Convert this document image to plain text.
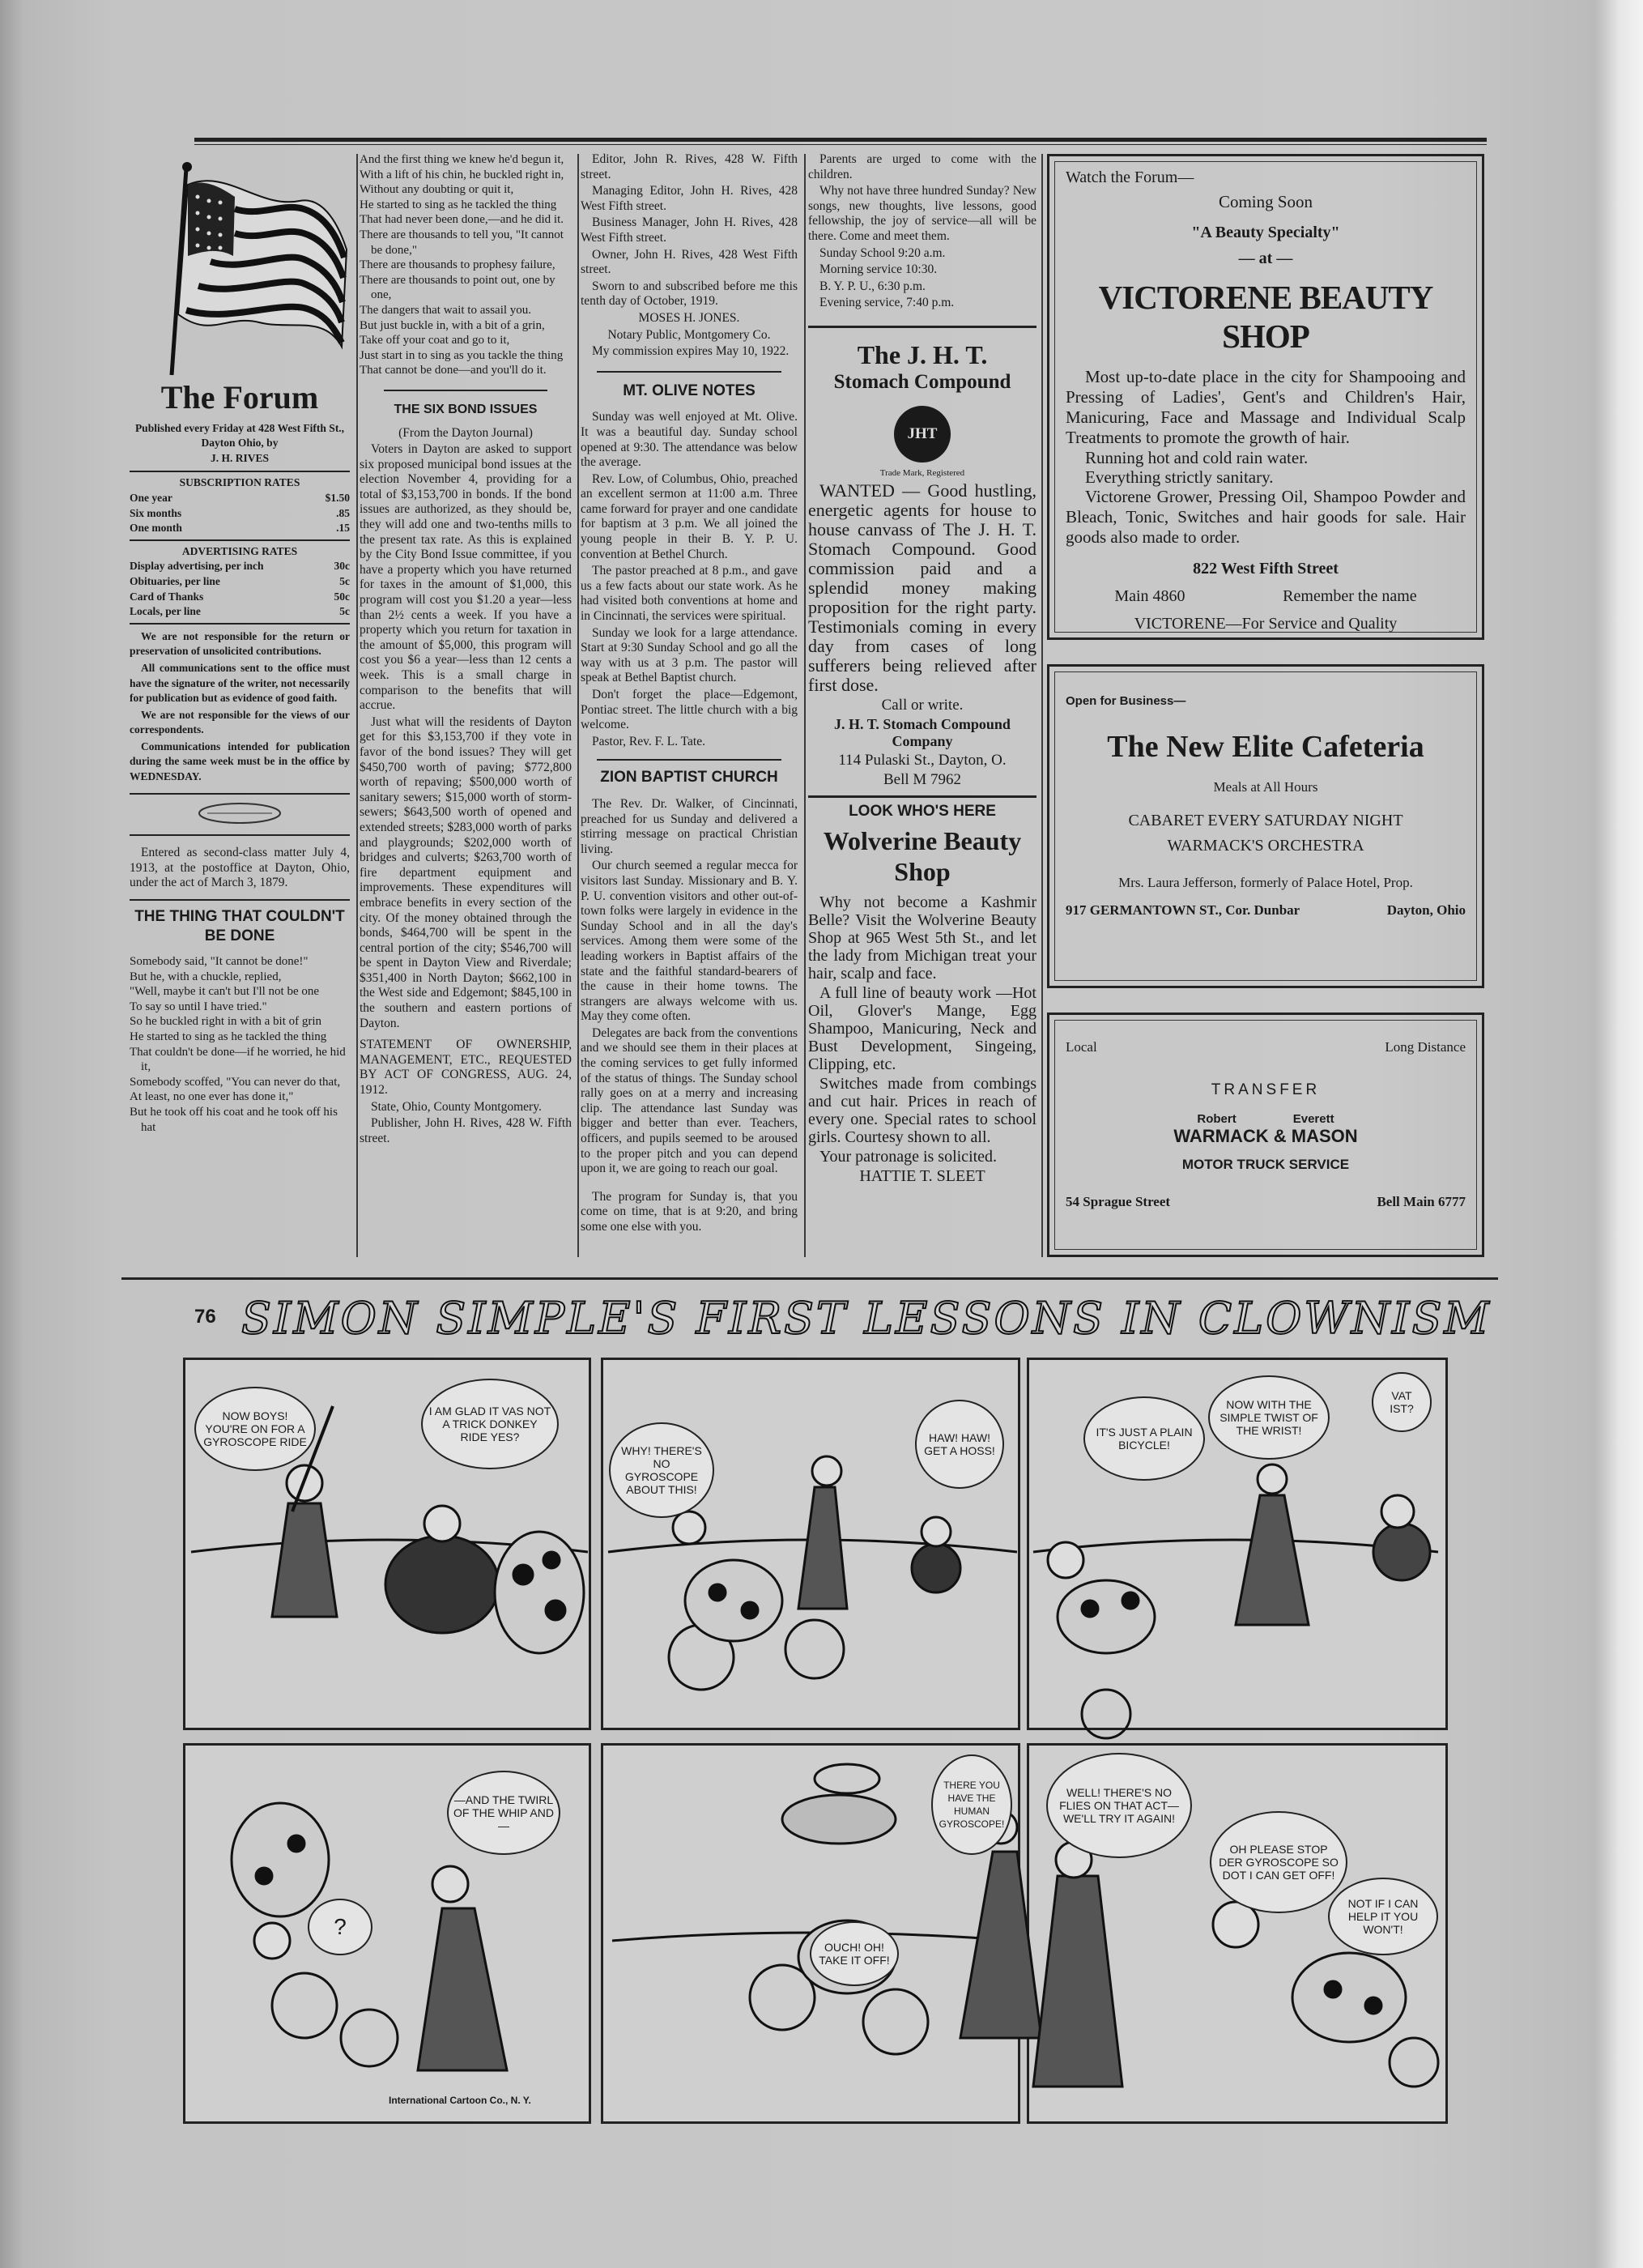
The Forum
Published every Friday at 428 West Fifth St., Dayton Ohio, by
J. H. RIVES
SUBSCRIPTION RATES
One year	$1.50
Six months	.85
One month	.15
ADVERTISING RATES
Display advertising, per inch	30c
Obituaries, per line	5c
Card of Thanks	50c
Locals, per line	5c

We are not responsible for the return or preservation of unsolicited contributions.

All communications sent to the office must have the signature of the writer, not necessarily for publication but as evidence of good faith.

We are not responsible for the views of our correspondents.

Communications intended for publication during the same week must be in the office by WEDNESDAY.

Entered as second-class matter July 4, 1913, at the postoffice at Dayton, Ohio, under the act of March 3, 1879.

THE THING THAT COULDN'T BE DONE
Somebody said, "It cannot be done!"
But he, with a chuckle, replied,
"Well, maybe it can't but I'll not be one
To say so until I have tried."
So he buckled right in with a bit of grin
He started to sing as he tackled the thing
That couldn't be done—if he worried, he hid it,
Somebody scoffed, "You can never do that,
At least, no one ever has done it,"
But he took off his coat and he took off his hat
And the first thing we knew he'd begun it,
With a lift of his chin, he buckled right in,
Without any doubting or quit it,
He started to sing as he tackled the thing
That had never been done,—and he did it.
There are thousands to tell you, "It cannot be done,"
There are thousands to prophesy failure,
There are thousands to point out, one by one,
The dangers that wait to assail you.
But just buckle in, with a bit of a grin,
Take off your coat and go to it,
Just start in to sing as you tackle the thing
That cannot be done—and you'll do it.
THE SIX BOND ISSUES

(From the Dayton Journal)

Voters in Dayton are asked to support six proposed municipal bond issues at the election November 4, providing for a total of $3,153,700 in bonds. If the bond issues are authorized, as they should be, they will add one and two-tenths mills to the present tax rate. As this is explained by the City Bond Issue committee, if you have a property which you have returned for taxes in the amount of $1,000, this program will cost you $1.20 a year—less than 2½ cents a week. If you have a property which you return for taxation in the amount of $5,000, this program will cost you $6 a year—less than 12 cents a week. This is a small charge in comparison to the benefits that will accrue.

Just what will the residents of Dayton get for this $3,153,700 if they vote in favor of the bond issues? They will get $450,700 worth of paving; $772,800 worth of repaving; $500,000 worth of sanitary sewers; $15,000 worth of storm-sewers; $643,500 worth of opened and extended streets; $283,000 worth of parks and playgrounds; $202,000 worth of bridges and culverts; $263,700 worth of fire department equipment and improvements. These expenditures will embrace benefits in every section of the city. Of the money obtained through the bonds, $464,700 will be spent in the central portion of the city; $546,700 will be spent in Dayton View and Riverdale; $351,400 in North Dayton; $662,100 in the West side and Edgemont; $845,100 in the southern and eastern portions of Dayton.

STATEMENT OF OWNERSHIP, MANAGEMENT, ETC., REQUESTED BY ACT OF CONGRESS, AUG. 24, 1912.

State, Ohio, County Montgomery.

Publisher, John H. Rives, 428 W. Fifth street.

Editor, John R. Rives, 428 W. Fifth street.

Managing Editor, John H. Rives, 428 West Fifth street.

Business Manager, John H. Rives, 428 West Fifth street.

Owner, John H. Rives, 428 West Fifth street.

Sworn to and subscribed before me this tenth day of October, 1919.

MOSES H. JONES.

Notary Public, Montgomery Co.

My commission expires May 10, 1922.

MT. OLIVE NOTES

Sunday was well enjoyed at Mt. Olive. It was a beautiful day. Sunday school opened at 9:30. The attendance was below the average.

Rev. Low, of Columbus, Ohio, preached an excellent sermon at 11:00 a.m. Three came forward for prayer and one candidate for baptism at 3 p.m. We all joined the young people in their B. Y. P. U. convention at Bethel Church.

The pastor preached at 8 p.m., and gave us a few facts about our state work. As he had visited both conventions at home and in Cincinnati, the services were spiritual.

Sunday we look for a large attendance. Start at 9:30 Sunday School and go all the way with us at 3 p.m. The pastor will speak at Bethel Baptist church.

Don't forget the place—Edgemont, Pontiac street. The little church with a big welcome.

Pastor, Rev. F. L. Tate.

ZION BAPTIST CHURCH

The Rev. Dr. Walker, of Cincinnati, preached for us Sunday and delivered a stirring message on practical Christian living.

Our church seemed a regular mecca for visitors last Sunday. Missionary and B. Y. P. U. convention visitors and other out-of-town folks were largely in evidence in the Sunday School and in all the day's services. Among them were some of the leading workers in Baptist affairs of the state and the faithful standard-bearers of the cause in their home towns. The strangers are always welcome with us. May they come often.

Delegates are back from the conventions and we should see them in their places at the coming services to get fully informed of the status of things. The Sunday school rally goes on at a merry and increasing clip. The attendance last Sunday was bigger and better than ever. Teachers, officers, and pupils seemed to be aroused to the proper pitch and you can depend upon it, we are going to reach our goal.

The program for Sunday is, that you come on time, that is at 9:20, and bring some one else with you.

Parents are urged to come with the children.

Why not have three hundred Sunday? New songs, new thoughts, live lessons, good fellowship, the joy of service—all will be there. Come and meet them.

Sunday School 9:20 a.m.

Morning service 10:30.

B. Y. P. U., 6:30 p.m.

Evening service, 7:40 p.m.

The J. H. T.
Stomach Compound
JHT
Trade Mark, Registered

WANTED — Good hustling, energetic agents for house to house canvass of The J. H. T. Stomach Compound. Good commission paid and a splendid money making proposition for the right party. Testimonials coming in every day from cases of long sufferers being relieved after first dose.

Call or write.

J. H. T. Stomach Compound Company

114 Pulaski St., Dayton, O.

Bell M 7962

LOOK WHO'S HERE
Wolverine Beauty Shop

Why not become a Kashmir Belle? Visit the Wolverine Beauty Shop at 965 West 5th St., and let the lady from Michigan treat your hair, scalp and face.

A full line of beauty work —Hot Oil, Glover's Mange, Egg Shampoo, Manicuring, Neck and Bust Development, Singeing, Clipping, etc.

Switches made from combings and cut hair. Prices in reach of every one. Special rates to school girls. Courtesy shown to all.

Your patronage is solicited.

HATTIE T. SLEET

Watch the Forum—
Coming Soon
"A Beauty Specialty"
— at —
VICTORENE BEAUTY SHOP
Most up-to-date place in the city for Shampooing and Pressing of Ladies', Gent's and Children's Hair, Manicuring, Face and Massage and Individual Scalp Treatments to promote the growth of hair.
Running hot and cold rain water.
Everything strictly sanitary.
Victorene Grower, Pressing Oil, Shampoo Powder and Bleach, Tonic, Switches and hair goods for sale. Hair goods also made to order.
822 West Fifth Street
Main 4860	Remember the name
VICTORENE—For Service and Quality
Open for Business—
The New Elite Cafeteria
Meals at All Hours
CABARET EVERY SATURDAY NIGHT
WARMACK'S ORCHESTRA
Mrs. Laura Jefferson, formerly of Palace Hotel, Prop.
917 GERMANTOWN ST., Cor. Dunbar	Dayton, Ohio
Local	Long Distance
TRANSFER
Robert	Everett
WARMACK & MASON
MOTOR TRUCK SERVICE
54 Sprague Street	Bell Main 6777
76 SIMON SIMPLE'S FIRST LESSONS IN CLOWNISM
NOW BOYS! YOU'RE ON FOR A GYROSCOPE RIDE
I AM GLAD IT VAS NOT A TRICK DONKEY RIDE YES?
WHY! THERE'S NO GYROSCOPE ABOUT THIS!
HAW! HAW! GET A HOSS!
IT'S JUST A PLAIN BICYCLE!
NOW WITH THE SIMPLE TWIST OF THE WRIST!
VAT IST?
?
—AND THE TWIRL OF THE WHIP AND —
THERE YOU HAVE THE HUMAN GYROSCOPE!
OUCH! OH! TAKE IT OFF!
WELL! THERE'S NO FLIES ON THAT ACT— WE'LL TRY IT AGAIN!
OH PLEASE STOP DER GYROSCOPE SO DOT I CAN GET OFF!
NOT IF I CAN HELP IT YOU WON'T!
International Cartoon Co., N. Y.
